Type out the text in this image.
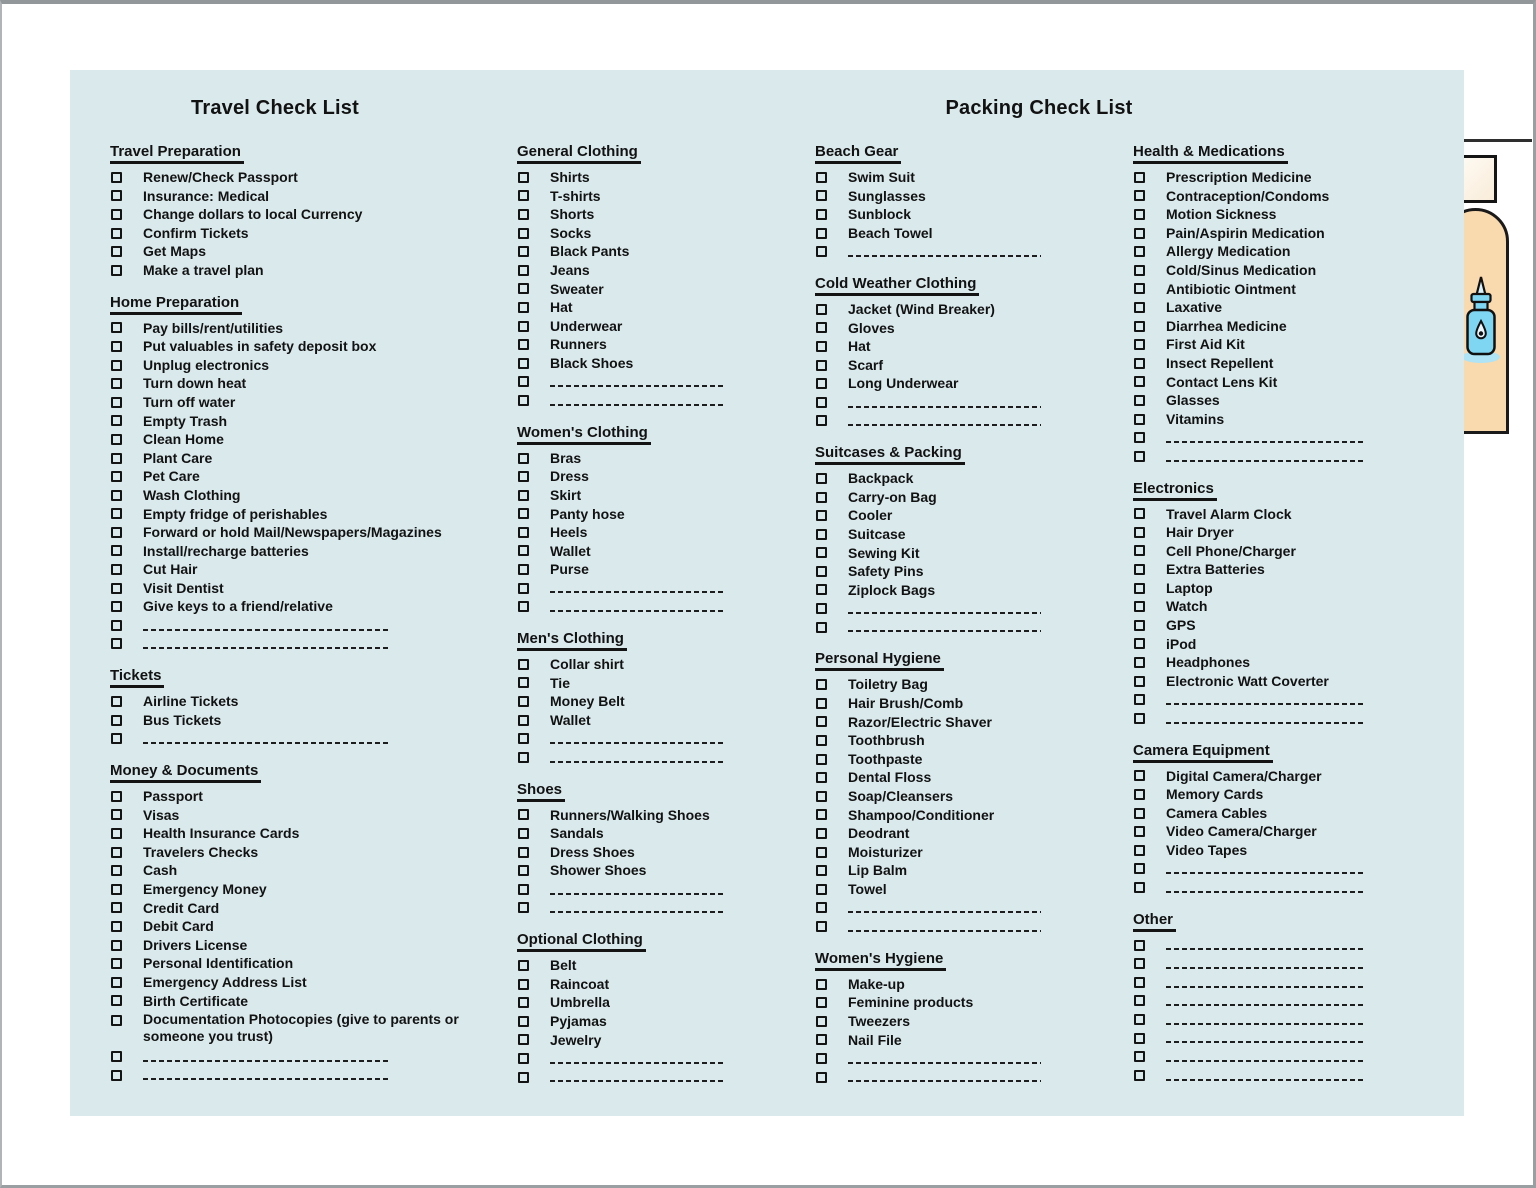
Travel Check List	Packing Check List
Travel Preparation
Renew/Check Passport
Insurance: Medical
Change dollars to local Currency
Confirm Tickets
Get Maps
Make a travel plan
Home Preparation
Pay bills/rent/utilities
Put valuables in safety deposit box
Unplug electronics
Turn down heat
Turn off water
Empty Trash
Clean Home
Plant Care
Pet Care
Wash Clothing
Empty fridge of perishables
Forward or hold Mail/Newspapers/Magazines
Install/recharge batteries
Cut Hair
Visit Dentist
Give keys to a friend/relative
Tickets
Airline Tickets
Bus Tickets
Money & Documents
Passport
Visas
Health Insurance Cards
Travelers Checks
Cash
Emergency Money
Credit Card
Debit Card
Drivers License
Personal Identification
Emergency Address List
Birth Certificate
Documentation Photocopies (give to parents or someone you trust)
General Clothing
Shirts
T-shirts
Shorts
Socks
Black Pants
Jeans
Sweater
Hat
Underwear
Runners
Black Shoes
Women's Clothing
Bras
Dress
Skirt
Panty hose
Heels
Wallet
Purse
Men's Clothing
Collar shirt
Tie
Money Belt
Wallet
Shoes
Runners/Walking Shoes
Sandals
Dress Shoes
Shower Shoes
Optional Clothing
Belt
Raincoat
Umbrella
Pyjamas
Jewelry
Beach Gear
Swim Suit
Sunglasses
Sunblock
Beach Towel
Cold Weather Clothing
Jacket (Wind Breaker)
Gloves
Hat
Scarf
Long Underwear
Suitcases & Packing
Backpack
Carry-on Bag
Cooler
Suitcase
Sewing Kit
Safety Pins
Ziplock Bags
Personal Hygiene
Toiletry Bag
Hair Brush/Comb
Razor/Electric Shaver
Toothbrush
Toothpaste
Dental Floss
Soap/Cleansers
Shampoo/Conditioner
Deodrant
Moisturizer
Lip Balm
Towel
Women's Hygiene
Make-up
Feminine products
Tweezers
Nail File
Health & Medications
Prescription Medicine
Contraception/Condoms
Motion Sickness
Pain/Aspirin Medication
Allergy Medication
Cold/Sinus Medication
Antibiotic Ointment
Laxative
Diarrhea Medicine
First Aid Kit
Insect Repellent
Contact Lens Kit
Glasses
Vitamins
Electronics
Travel Alarm Clock
Hair Dryer
Cell Phone/Charger
Extra Batteries
Laptop
Watch
GPS
iPod
Headphones
Electronic Watt Coverter
Camera Equipment
Digital Camera/Charger
Memory Cards
Camera Cables
Video Camera/Charger
Video Tapes
Other
